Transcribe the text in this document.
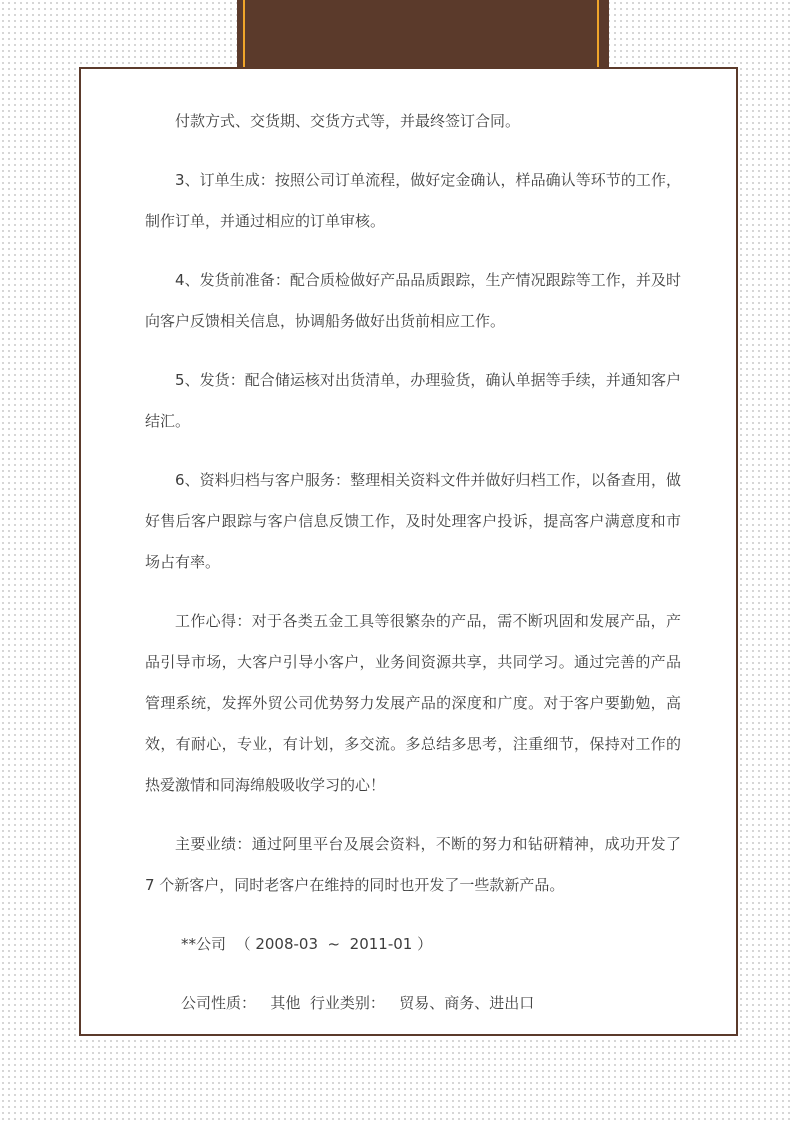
付款方式、交货期、交货方式等，并最终签订合同。

3、订单生成：按照公司订单流程，做好定金确认，样品确认等环节的工作，制作订单，并通过相应的订单审核。

4、发货前准备：配合质检做好产品品质跟踪，生产情况跟踪等工作，并及时向客户反馈相关信息，协调船务做好出货前相应工作。

5、发货：配合储运核对出货清单，办理验货，确认单据等手续，并通知客户结汇。

6、资料归档与客户服务：整理相关资料文件并做好归档工作，以备查用，做好售后客户跟踪与客户信息反馈工作，及时处理客户投诉，提高客户满意度和市场占有率。

工作心得：对于各类五金工具等很繁杂的产品，需不断巩固和发展产品，产品引导市场，大客户引导小客户，业务间资源共享，共同学习。通过完善的产品管理系统，发挥外贸公司优势努力发展产品的深度和广度。对于客户要勤勉，高效，有耐心，专业，有计划，多交流。多总结多思考，注重细节，保持对工作的热爱激情和同海绵般吸收学习的心！

主要业绩：通过阿里平台及展会资料，不断的努力和钻研精神，成功开发了 7 个新客户，同时老客户在维持的同时也开发了一些款新产品。

**公司 （ 2008-03  ~  2011-01 ）

公司性质： 其他 行业类别： 贸易、商务、进出口
